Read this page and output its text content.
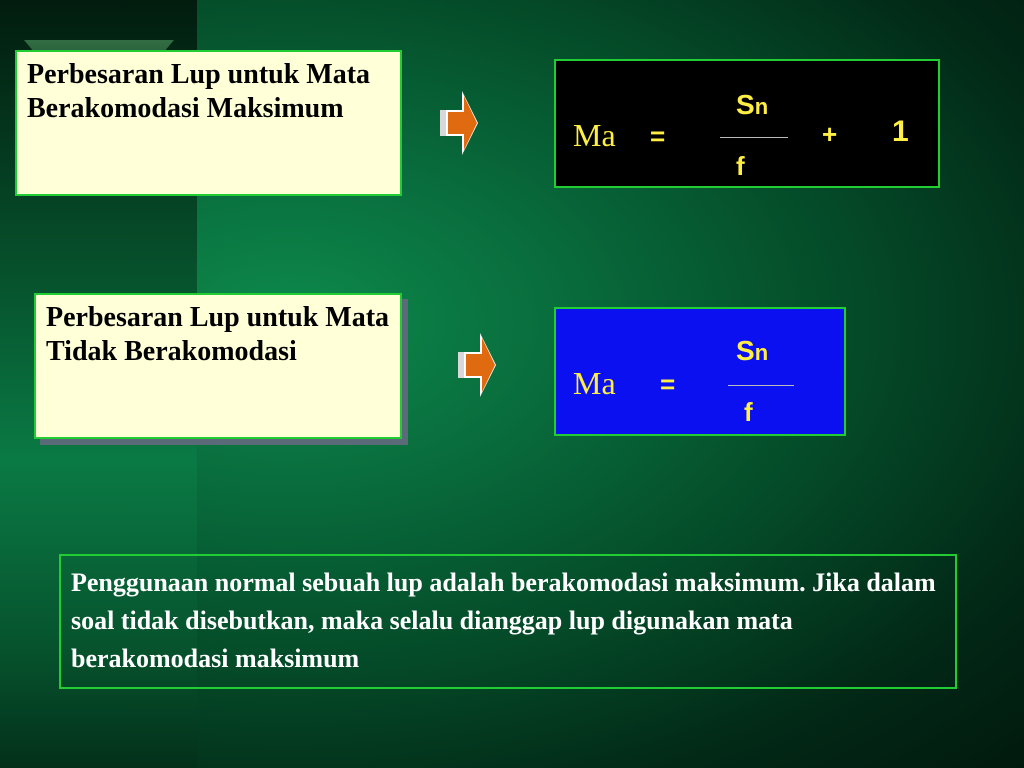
Perbesaran Lup untuk Mata Berakomodasi Maksimum
Ma =
Sn
f
+ 1
Perbesaran Lup untuk Mata Tidak Berakomodasi
Ma =
Sn
f
Penggunaan normal sebuah lup adalah berakomodasi maksimum. Jika dalam soal tidak disebutkan, maka selalu dianggap lup digunakan mata berakomodasi maksimum
